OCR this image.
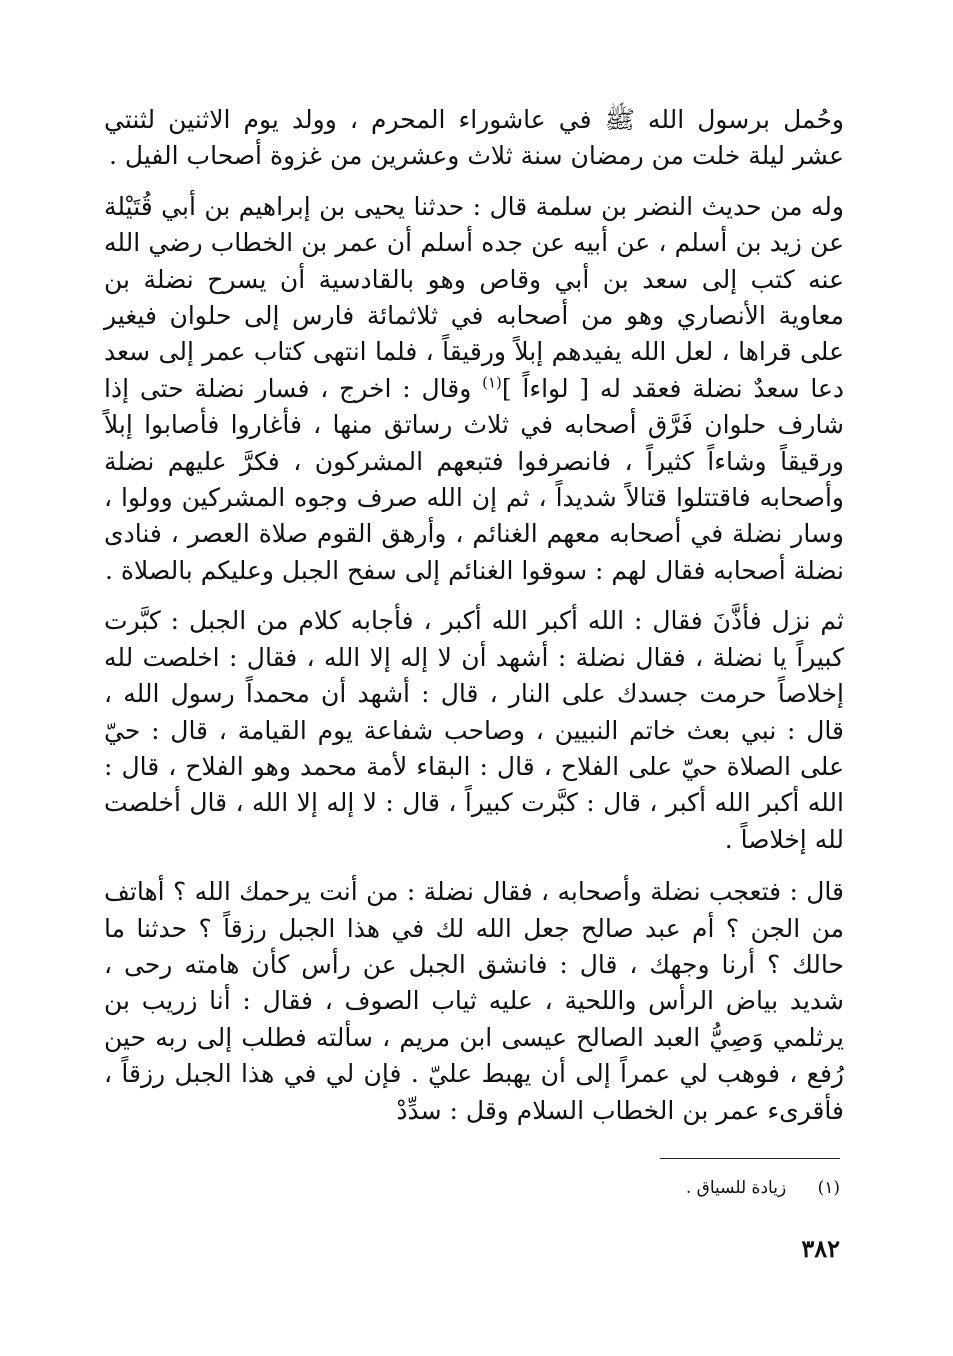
وحُمل برسول الله ﷺ في عاشوراء المحرم ، وولد يوم الاثنين لثنتي عشر ليلة خلت من رمضان سنة ثلاث وعشرين من غزوة أصحاب الفيل .

وله من حديث النضر بن سلمة قال : حدثنا يحيى بن إبراهيم بن أبي قُتَيْلة عن زيد بن أسلم ، عن أبيه عن جده أسلم أن عمر بن الخطاب رضي الله عنه كتب إلى سعد بن أبي وقاص وهو بالقادسية أن يسرح نضلة بن معاوية الأنصاري وهو من أصحابه في ثلاثمائة فارس إلى حلوان فيغير على قراها ، لعل الله يفيدهم إبلاً ورقيقاً ، فلما انتهى كتاب عمر إلى سعد دعا سعدٌ نضلة فعقد له [ لواءاً ]$^{(١)}$ وقال : اخرج ، فسار نضلة حتى إذا شارف حلوان فَرَّق أصحابه في ثلاث رساتق منها ، فأغاروا فأصابوا إبلاً ورقيقاً وشاءاً كثيراً ، فانصرفوا فتبعهم المشركون ، فكرَّ عليهم نضلة وأصحابه فاقتتلوا قتالاً شديداً ، ثم إن الله صرف وجوه المشركين وولوا ، وسار نضلة في أصحابه معهم الغنائم ، وأرهق القوم صلاة العصر ، فنادى نضلة أصحابه فقال لهم : سوقوا الغنائم إلى سفح الجبل وعليكم بالصلاة .

ثم نزل فأذَّنَ فقال : الله أكبر الله أكبر ، فأجابه كلام من الجبل : كبَّرت كبيراً يا نضلة ، فقال نضلة : أشهد أن لا إله إلا الله ، فقال : اخلصت لله إخلاصاً حرمت جسدك على النار ، قال : أشهد أن محمداً رسول الله ، قال : نبي بعث خاتم النبيين ، وصاحب شفاعة يوم القيامة ، قال : حيّ على الصلاة حيّ على الفلاح ، قال : البقاء لأمة محمد وهو الفلاح ، قال : الله أكبر الله أكبر ، قال : كبَّرت كبيراً ، قال : لا إله إلا الله ، قال أخلصت لله إخلاصاً .

قال : فتعجب نضلة وأصحابه ، فقال نضلة : من أنت يرحمك الله ؟ أهاتف من الجن ؟ أم عبد صالح جعل الله لك في هذا الجبل رزقاً ؟ حدثنا ما حالك ؟ أرنا وجهك ، قال : فانشق الجبل عن رأس كأن هامته رحى ، شديد بياض الرأس واللحية ، عليه ثياب الصوف ، فقال : أنا زريب بن يرثلمي وَصِيُّ العبد الصالح عيسى ابن مريم ، سألته فطلب إلى ربه حين رُفع ، فوهب لي عمراً إلى أن يهبط عليّ . فإن لي في هذا الجبل رزقاً ، فأقرىء عمر بن الخطاب السلام وقل : سدِّدْ

(١) زيادة للسياق .
٣٨٢
